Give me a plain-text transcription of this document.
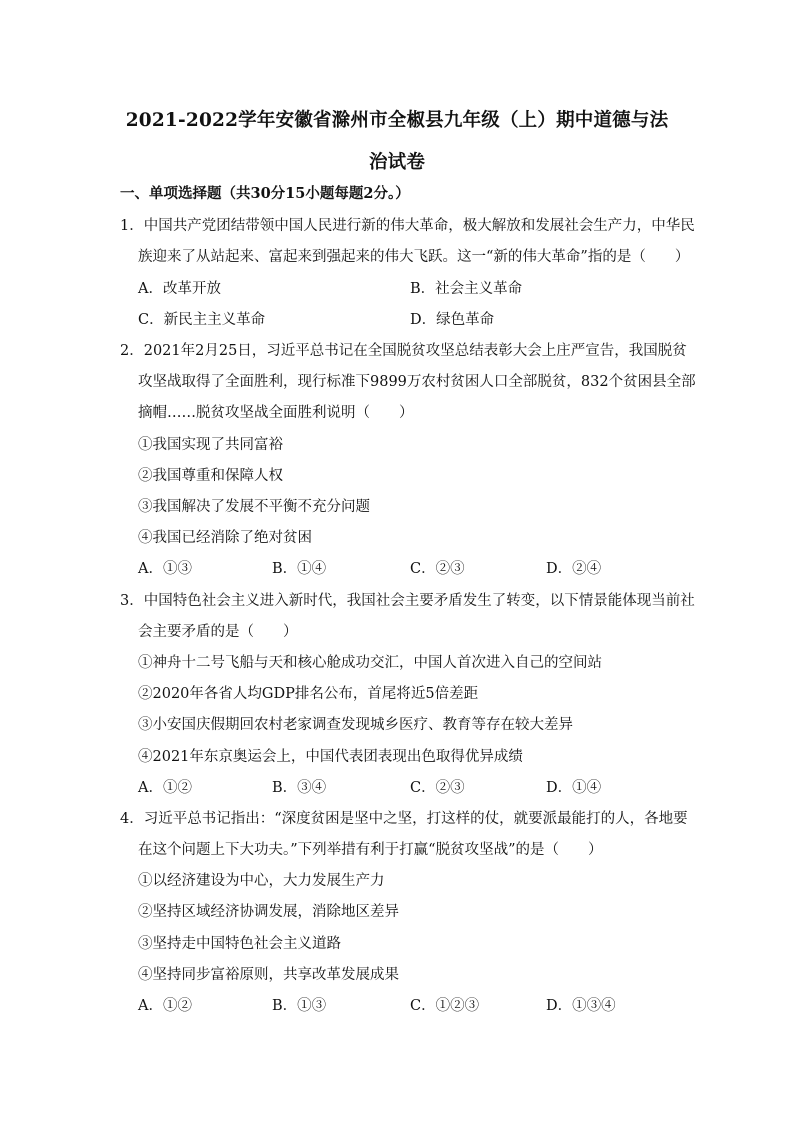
2021-2022学年安徽省滁州市全椒县九年级（上）期中道德与法
治试卷
一、单项选择题（共30分15小题每题2分。）
1．中国共产党团结带领中国人民进行新的伟大革命，极大解放和发展社会生产力，中华民
族迎来了从站起来、富起来到强起来的伟大飞跃。这一“新的伟大革命”指的是（　　）
A．改革开放	B．社会主义革命
C．新民主主义革命	D．绿色革命
2．2021年2月25日，习近平总书记在全国脱贫攻坚总结表彰大会上庄严宣告，我国脱贫
攻坚战取得了全面胜利，现行标准下9899万农村贫困人口全部脱贫，832个贫困县全部
摘帽……脱贫攻坚战全面胜利说明（　　）
①我国实现了共同富裕
②我国尊重和保障人权
③我国解决了发展不平衡不充分问题
④我国已经消除了绝对贫困
A．①③	B．①④	C．②③	D．②④
3．中国特色社会主义进入新时代，我国社会主要矛盾发生了转变，以下情景能体现当前社
会主要矛盾的是（　　）
①神舟十二号飞船与天和核心舱成功交汇，中国人首次进入自己的空间站
②2020年各省人均GDP排名公布，首尾将近5倍差距
③小安国庆假期回农村老家调查发现城乡医疗、教育等存在较大差异
④2021年东京奥运会上，中国代表团表现出色取得优异成绩
A．①②	B．③④	C．②③	D．①④
4．习近平总书记指出：“深度贫困是坚中之坚，打这样的仗，就要派最能打的人，各地要
在这个问题上下大功夫。”下列举措有利于打赢“脱贫攻坚战”的是（　　）
①以经济建设为中心，大力发展生产力
②坚持区域经济协调发展，消除地区差异
③坚持走中国特色社会主义道路
④坚持同步富裕原则，共享改革发展成果
A．①②	B．①③	C．①②③	D．①③④
